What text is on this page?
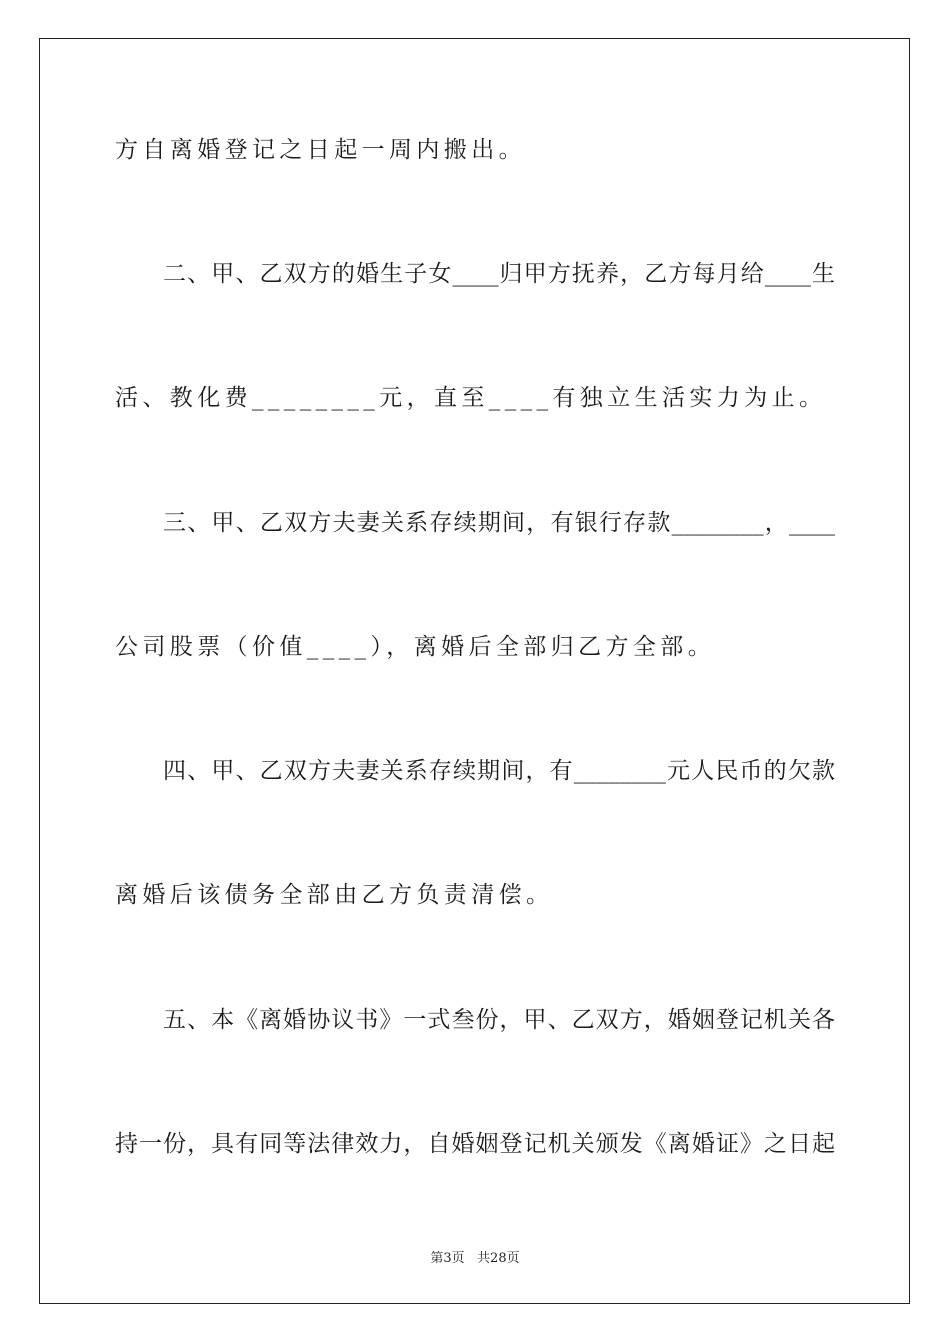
方自离婚登记之日起一周内搬出。
二、甲、乙双方的婚生子女____归甲方抚养，乙方每月给____生
活、教化费________元，直至____有独立生活实力为止。
三、甲、乙双方夫妻关系存续期间，有银行存款________，____
公司股票（价值____），离婚后全部归乙方全部。
四、甲、乙双方夫妻关系存续期间，有________元人民币的欠款
离婚后该债务全部由乙方负责清偿。
五、本《离婚协议书》一式叁份，甲、乙双方，婚姻登记机关各
持一份，具有同等法律效力，自婚姻登记机关颁发《离婚证》之日起
第3页   共28页
